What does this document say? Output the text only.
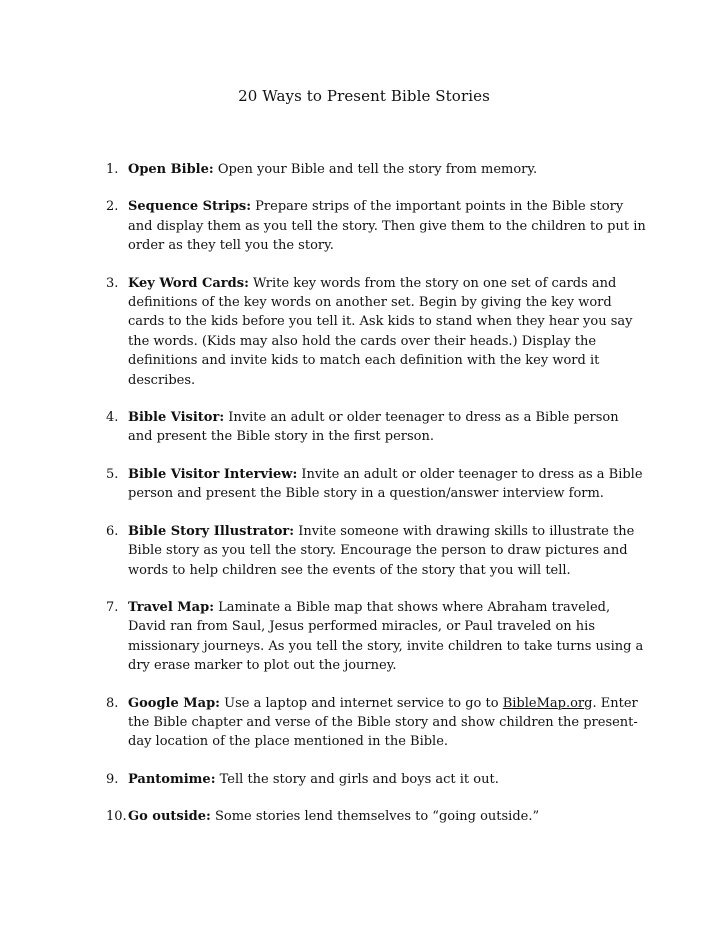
20 Ways to Present Bible Stories
1. Open Bible: Open your Bible and tell the story from memory.
2. Sequence Strips: Prepare strips of the important points in the Bible story and display them as you tell the story. Then give them to the children to put in order as they tell you the story.
3. Key Word Cards: Write key words from the story on one set of cards and definitions of the key words on another set. Begin by giving the key word cards to the kids before you tell it. Ask kids to stand when they hear you say the words. (Kids may also hold the cards over their heads.) Display the definitions and invite kids to match each definition with the key word it describes.
4. Bible Visitor: Invite an adult or older teenager to dress as a Bible person and present the Bible story in the first person.
5. Bible Visitor Interview: Invite an adult or older teenager to dress as a Bible person and present the Bible story in a question/answer interview form.
6. Bible Story Illustrator: Invite someone with drawing skills to illustrate the Bible story as you tell the story. Encourage the person to draw pictures and words to help children see the events of the story that you will tell.
7. Travel Map: Laminate a Bible map that shows where Abraham traveled, David ran from Saul, Jesus performed miracles, or Paul traveled on his missionary journeys. As you tell the story, invite children to take turns using a dry erase marker to plot out the journey.
8. Google Map: Use a laptop and internet service to go to BibleMap.org. Enter the Bible chapter and verse of the Bible story and show children the present-day location of the place mentioned in the Bible.
9. Pantomime: Tell the story and girls and boys act it out.
10. Go outside: Some stories lend themselves to “going outside.”
